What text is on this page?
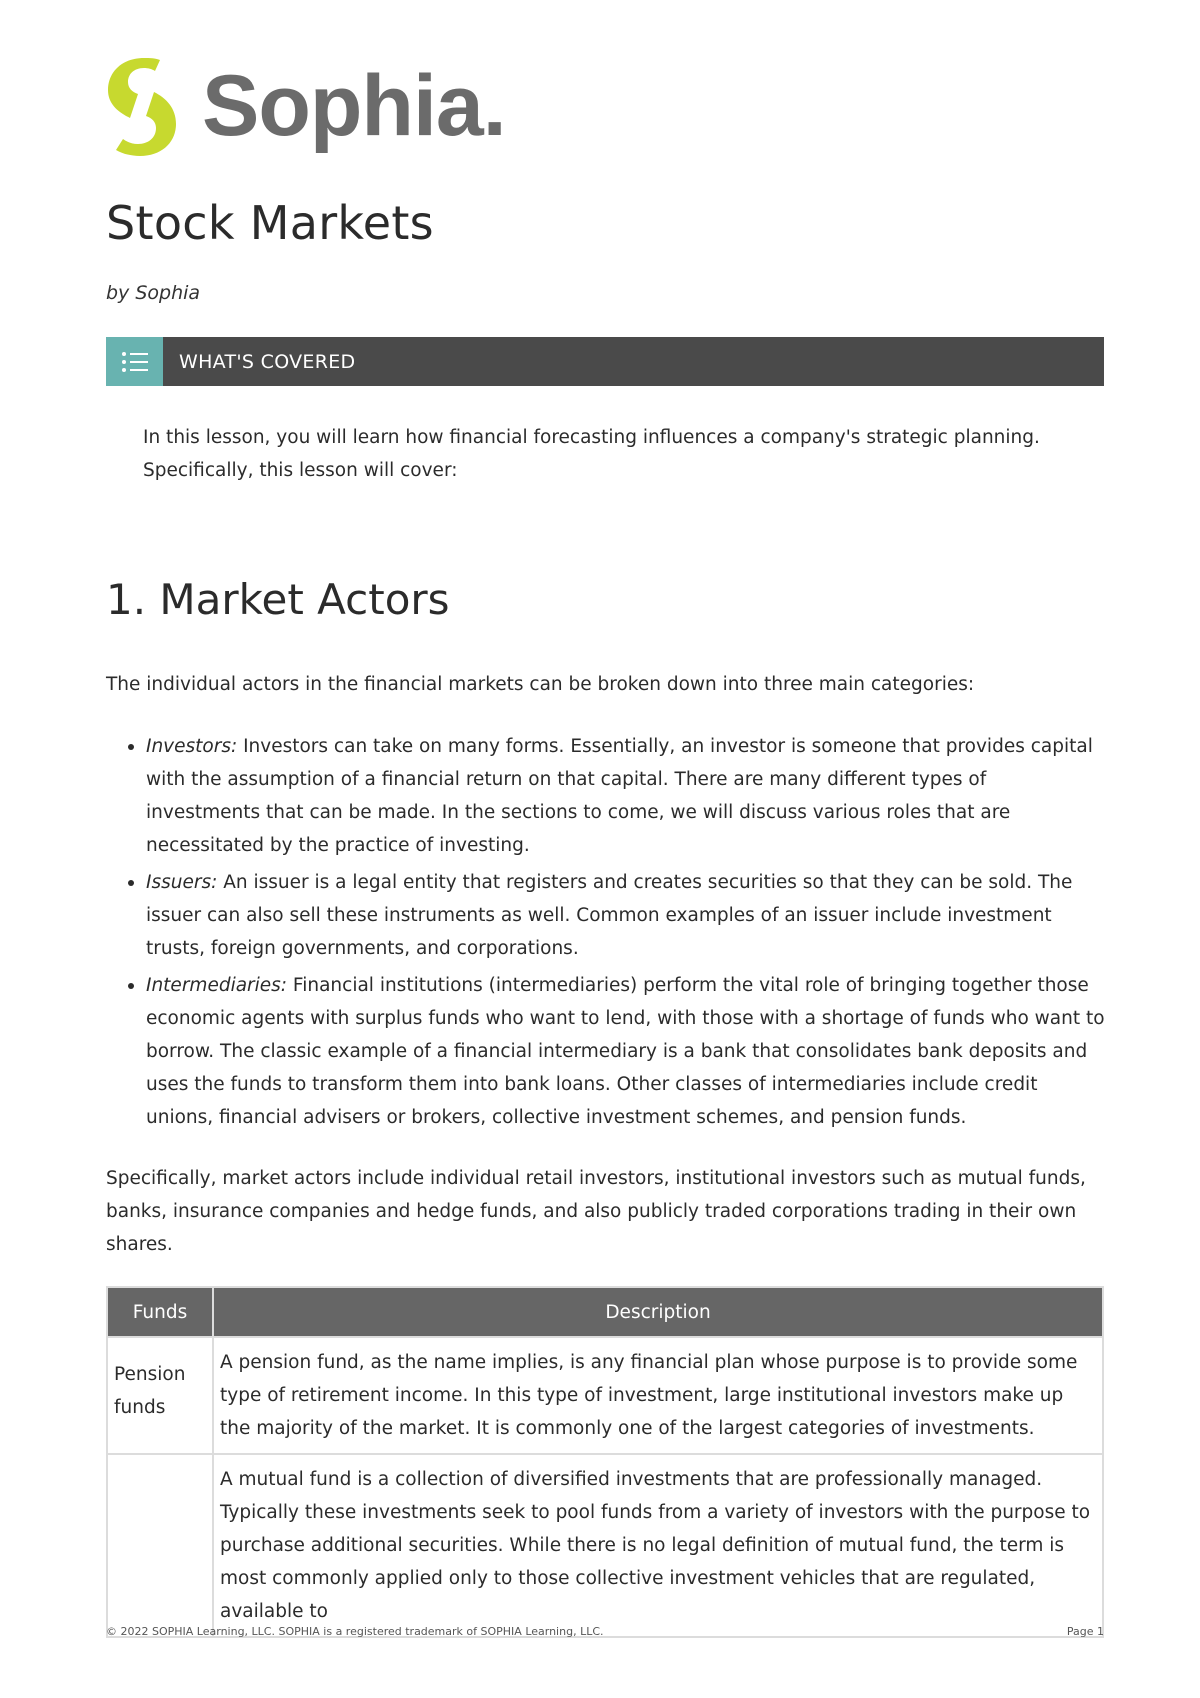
Sophia.
Stock Markets
by Sophia
WHAT'S COVERED
In this lesson, you will learn how financial forecasting influences a company's strategic planning. Specifically, this lesson will cover:
1. Market Actors
The individual actors in the financial markets can be broken down into three main categories:
Investors: Investors can take on many forms. Essentially, an investor is someone that provides capital with the assumption of a financial return on that capital. There are many different types of investments that can be made. In the sections to come, we will discuss various roles that are necessitated by the practice of investing.
Issuers: An issuer is a legal entity that registers and creates securities so that they can be sold. The issuer can also sell these instruments as well. Common examples of an issuer include investment trusts, foreign governments, and corporations.
Intermediaries: Financial institutions (intermediaries) perform the vital role of bringing together those economic agents with surplus funds who want to lend, with those with a shortage of funds who want to borrow. The classic example of a financial intermediary is a bank that consolidates bank deposits and uses the funds to transform them into bank loans. Other classes of intermediaries include credit unions, financial advisers or brokers, collective investment schemes, and pension funds.
Specifically, market actors include individual retail investors, institutional investors such as mutual funds, banks, insurance companies and hedge funds, and also publicly traded corporations trading in their own shares.
Funds	Description
Pension funds	A pension fund, as the name implies, is any financial plan whose purpose is to provide some type of retirement income. In this type of investment, large institutional investors make up the majority of the market. It is commonly one of the largest categories of investments.
	A mutual fund is a collection of diversified investments that are professionally managed. Typically these investments seek to pool funds from a variety of investors with the purpose to purchase additional securities. While there is no legal definition of mutual fund, the term is most commonly applied only to those collective investment vehicles that are regulated, available to
© 2022 SOPHIA Learning, LLC. SOPHIA is a registered trademark of SOPHIA Learning, LLC.	Page 1
